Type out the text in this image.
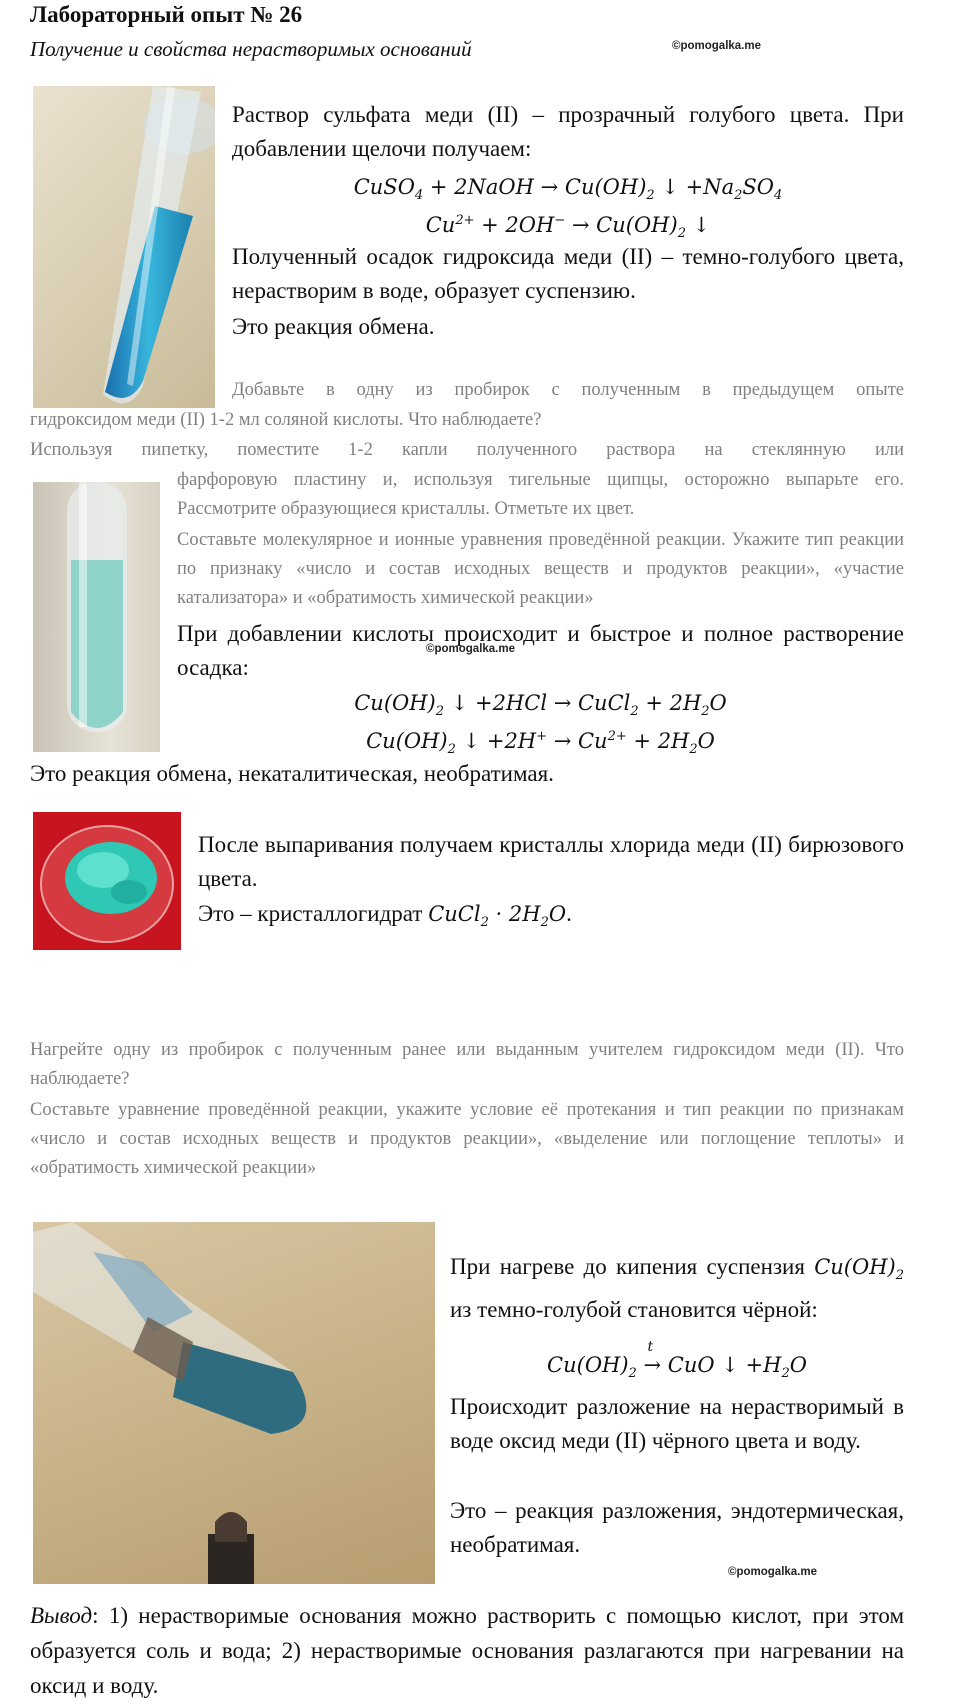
Лабораторный опыт № 26
Получение и свойства нерастворимых оснований	©pomogalka.me
Раствор сульфата меди (II) – прозрачный голубого цвета. При добавлении щелочи получаем:
CuSO$_4$ + 2NaOH → $Cu(OH)_2$ ↓ $+Na_2SO_4$
$Cu^{2+} + 2OH^- \to Cu(OH)_2$ ↓
Полученный осадок гидроксида меди (II) – темно-голубого цвета, нерастворим в воде, образует суспензию.
Это реакция обмена.
Добавьте в одну из пробирок с полученным в предыдущем опыте
гидроксидом меди (II) 1-2 мл соляной кислоты. Что наблюдаете?
Используя пипетку, поместите 1-2 капли полученного раствора на стеклянную или
фарфоровую пластину и, используя тигельные щипцы, осторожно выпарьте его. Рассмотрите образующиеся кристаллы. Отметьте их цвет.
Составьте молекулярное и ионные уравнения проведённой реакции. Укажите тип реакции по признаку «число и состав исходных веществ и продуктов реакции», «участие катализатора» и «обратимость химической реакции»
При добавлении кислоты происходит и быстрое и полное растворение осадка:
©pomogalka.me
$Cu(OH)_2$ ↓ +2HCl → CuCl$_2$ + $2H_2O$
$Cu(OH)_2$ ↓ $+2H^+ \to Cu^{2+} + 2H_2O$
Это реакция обмена, некаталитическая, необратимая.
После выпаривания получаем кристаллы хлорида меди (II) бирюзового цвета.
Это – кристаллогидрат CuCl$_2$ · $2H_2O$.
Нагрейте одну из пробирок с полученным ранее или выданным учителем гидроксидом меди (II). Что наблюдаете?
Составьте уравнение проведённой реакции, укажите условие её протекания и тип реакции по признакам «число и состав исходных веществ и продуктов реакции», «выделение или поглощение теплоты» и «обратимость химической реакции»
При нагреве до кипения суспензия $Cu(OH)_2$ из темно-голубой становится чёрной:
$Cu(OH)_2$
t
→ CuO ↓ $+H_2O$
Происходит разложение на нерастворимый в воде оксид меди (II) чёрного цвета и воду.
Это – реакция разложения, эндотермическая, необратимая.
©pomogalka.me
Вывод: 1) нерастворимые основания можно растворить с помощью кислот, при этом образуется соль и вода; 2) нерастворимые основания разлагаются при нагревании на оксид и воду.
